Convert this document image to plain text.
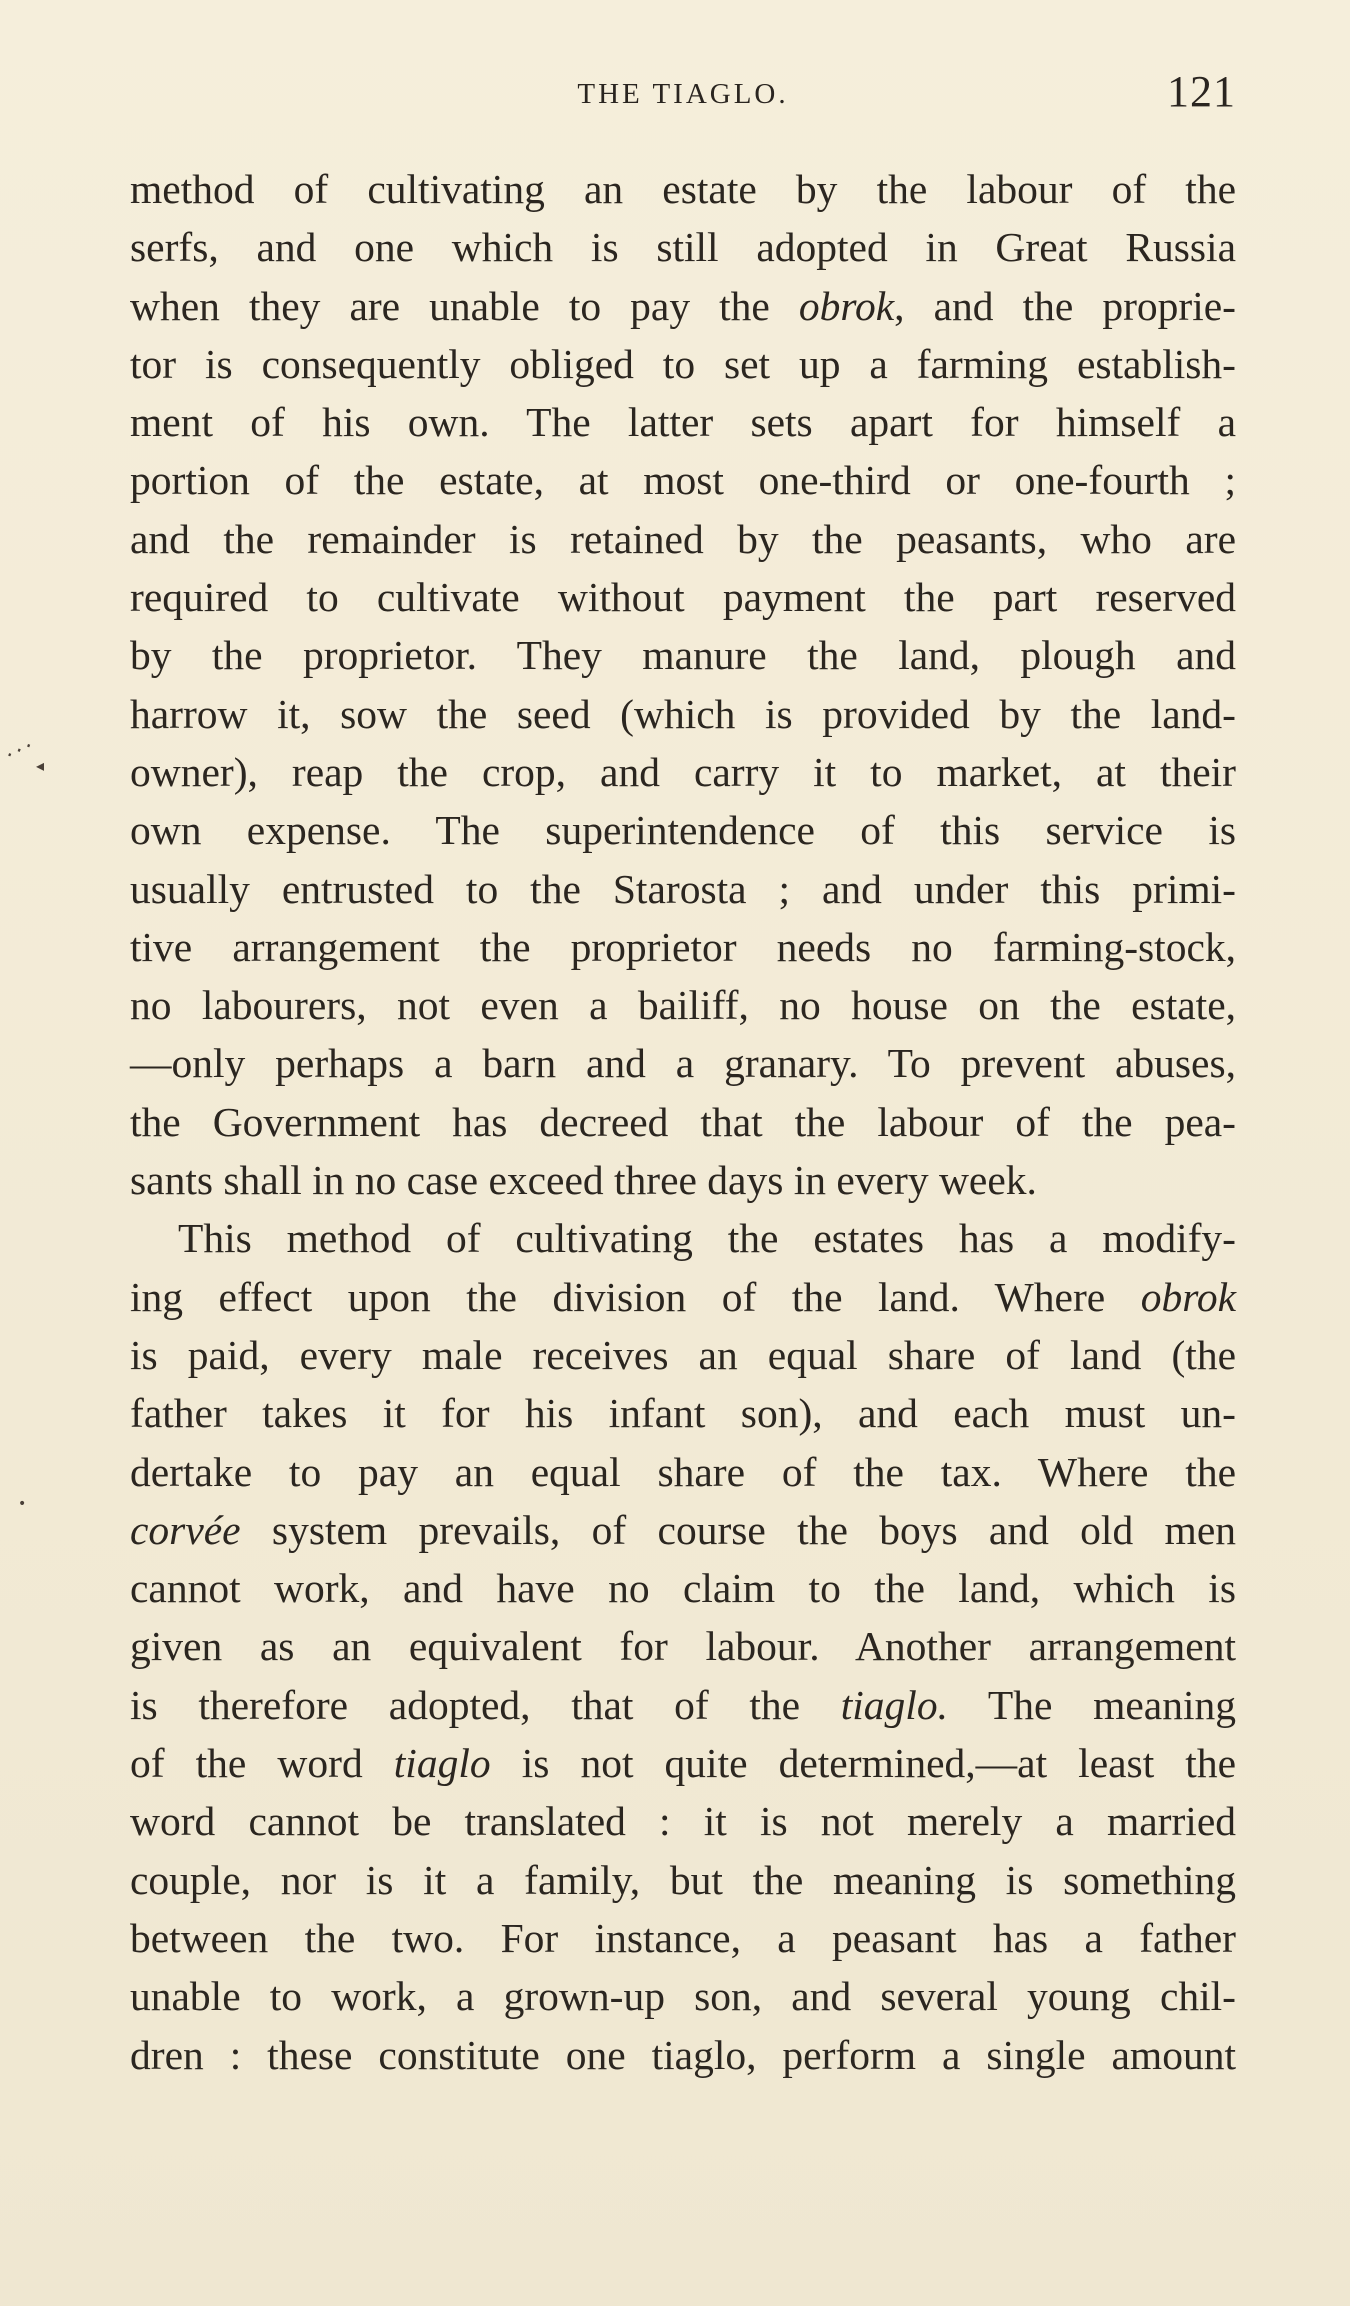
THE TIAGLO.	121
⋰ ◂
•
method of cultivating an estate by the labour of the
serfs, and one which is still adopted in Great Russia
when they are unable to pay the obrok, and the proprie-
tor is consequently obliged to set up a farming establish-
ment of his own. The latter sets apart for himself a
portion of the estate, at most one-third or one-fourth ;
and the remainder is retained by the peasants, who are
required to cultivate without payment the part reserved
by the proprietor. They manure the land, plough and
harrow it, sow the seed (which is provided by the land-
owner), reap the crop, and carry it to market, at their
own expense. The superintendence of this service is
usually entrusted to the Starosta ; and under this primi-
tive arrangement the proprietor needs no farming-stock,
no labourers, not even a bailiff, no house on the estate,
—only perhaps a barn and a granary. To prevent abuses,
the Government has decreed that the labour of the pea-
sants shall in no case exceed three days in every week.
This method of cultivating the estates has a modify-
ing effect upon the division of the land. Where obrok
is paid, every male receives an equal share of land (the
father takes it for his infant son), and each must un-
dertake to pay an equal share of the tax. Where the
corvée system prevails, of course the boys and old men
cannot work, and have no claim to the land, which is
given as an equivalent for labour. Another arrangement
is therefore adopted, that of the tiaglo. The meaning
of the word tiaglo is not quite determined,—at least the
word cannot be translated : it is not merely a married
couple, nor is it a family, but the meaning is something
between the two. For instance, a peasant has a father
unable to work, a grown-up son, and several young chil-
dren : these constitute one tiaglo, perform a single amount
